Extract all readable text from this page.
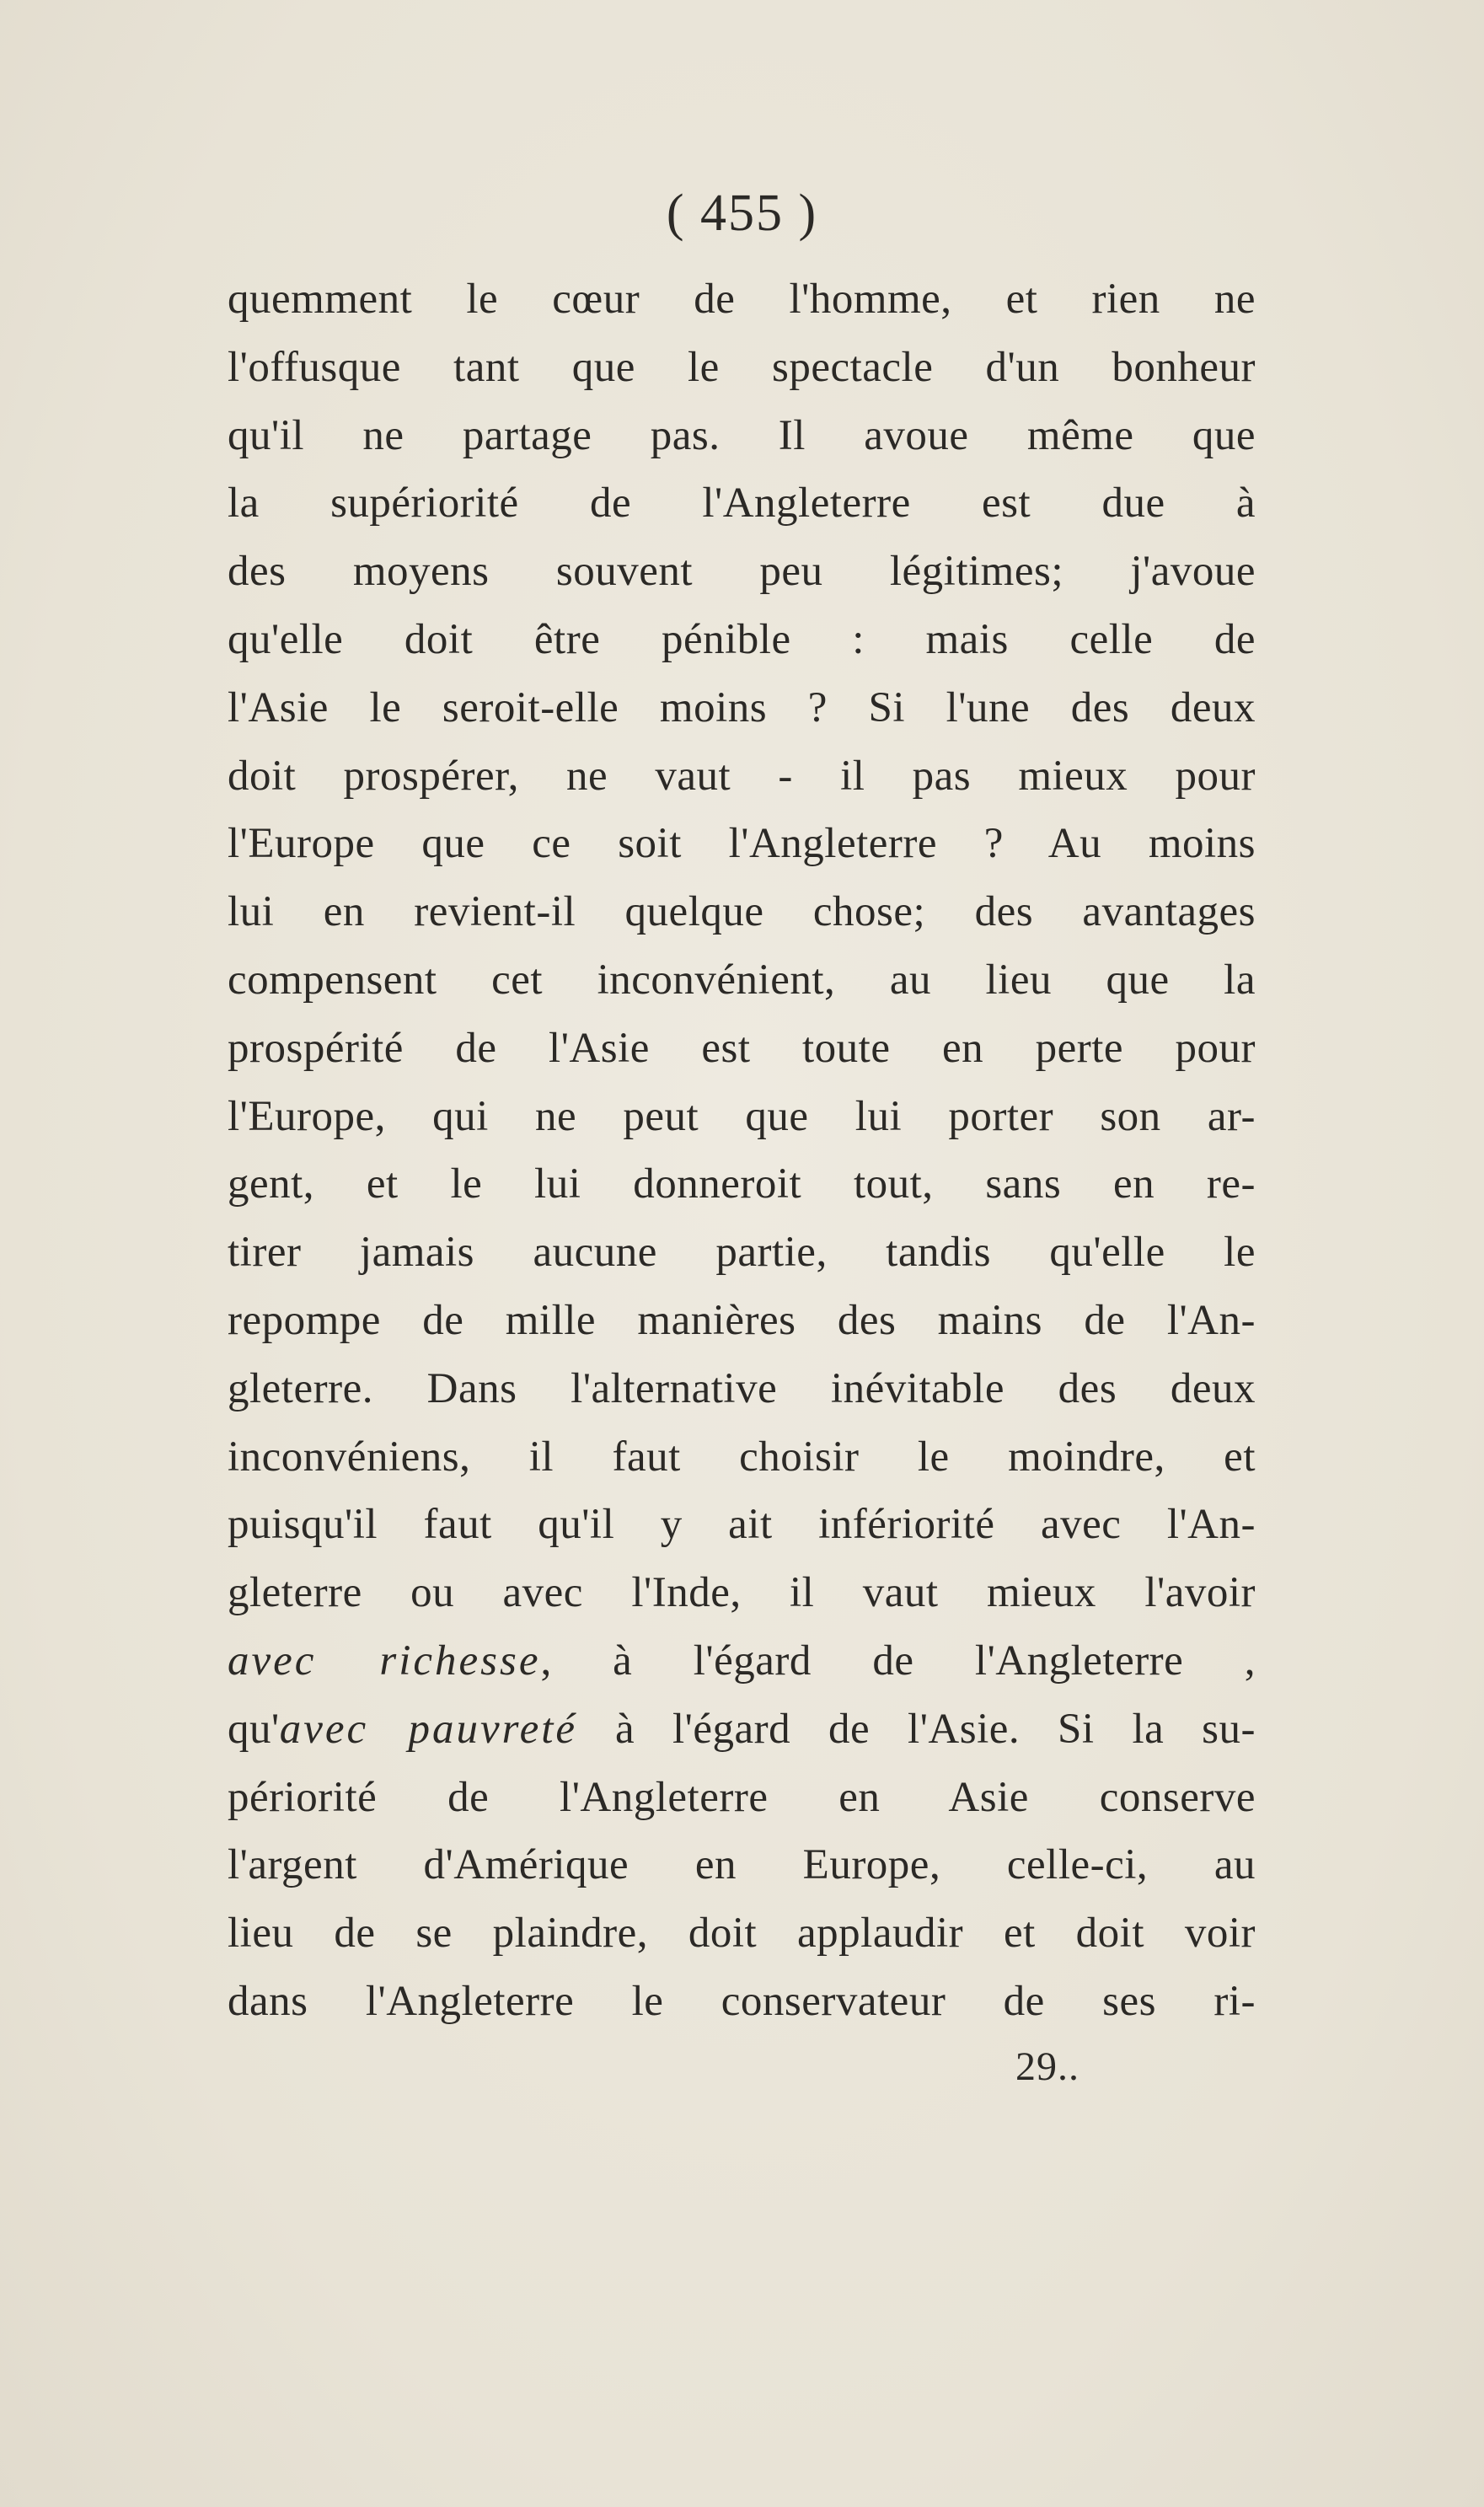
( 455 )
quemment le cœur de l'homme, et rien ne
l'offusque tant que le spectacle d'un bonheur
qu'il ne partage pas. Il avoue même que
la supériorité de l'Angleterre est due à
des moyens souvent peu légitimes; j'avoue
qu'elle doit être pénible : mais celle de
l'Asie le seroit-elle moins ? Si l'une des deux
doit prospérer, ne vaut - il pas mieux pour
l'Europe que ce soit l'Angleterre ? Au moins
lui en revient-il quelque chose; des avantages
compensent cet inconvénient, au lieu que la
prospérité de l'Asie est toute en perte pour
l'Europe, qui ne peut que lui porter son ar-
gent, et le lui donneroit tout, sans en re-
tirer jamais aucune partie, tandis qu'elle le
repompe de mille manières des mains de l'An-
gleterre. Dans l'alternative inévitable des deux
inconvéniens, il faut choisir le moindre, et
puisqu'il faut qu'il y ait infériorité avec l'An-
gleterre ou avec l'Inde, il vaut mieux l'avoir
avec richesse, à l'égard de l'Angleterre ,
qu'avec pauvreté à l'égard de l'Asie. Si la su-
périorité de l'Angleterre en Asie conserve
l'argent d'Amérique en Europe, celle-ci, au
lieu de se plaindre, doit applaudir et doit voir
dans l'Angleterre le conservateur de ses ri-
29..
